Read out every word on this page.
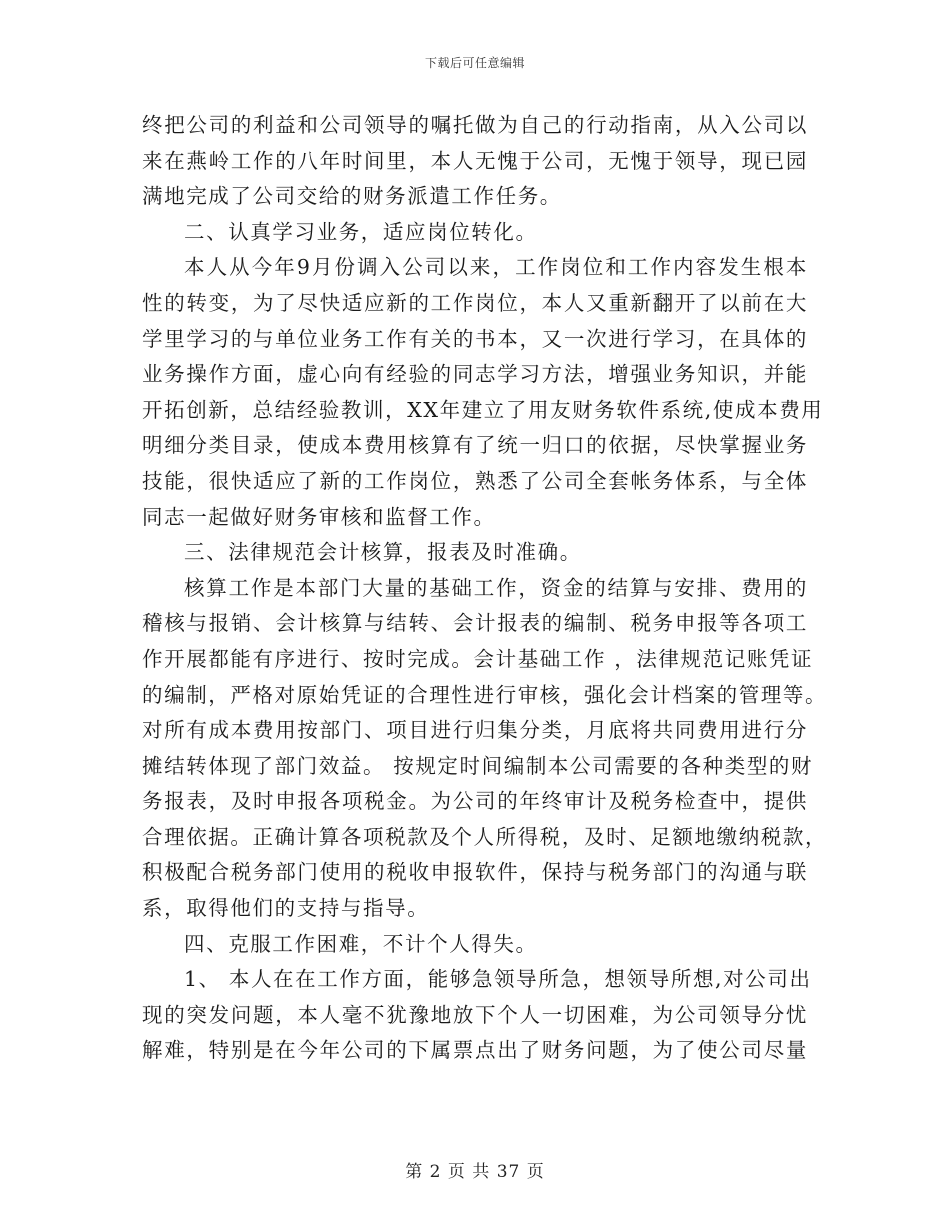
下载后可任意编辑
终把公司的利益和公司领导的嘱托做为自己的行动指南，从入公司以
来在燕岭工作的八年时间里，本人无愧于公司，无愧于领导，现已园
满地完成了公司交给的财务派遣工作任务。
二、认真学习业务，适应岗位转化。
本人从今年9月份调入公司以来，工作岗位和工作内容发生根本
性的转变，为了尽快适应新的工作岗位，本人又重新翻开了以前在大
学里学习的与单位业务工作有关的书本，又一次进行学习，在具体的
业务操作方面，虚心向有经验的同志学习方法，增强业务知识，并能
开拓创新，总结经验教训，XX年建立了用友财务软件系统,使成本费用
明细分类目录，使成本费用核算有了统一归口的依据，尽快掌握业务
技能，很快适应了新的工作岗位，熟悉了公司全套帐务体系，与全体
同志一起做好财务审核和监督工作。
三、法律规范会计核算，报表及时准确。
核算工作是本部门大量的基础工作，资金的结算与安排、费用的
稽核与报销、会计核算与结转、会计报表的编制、税务申报等各项工
作开展都能有序进行、按时完成。会计基础工作 ，法律规范记账凭证
的编制，严格对原始凭证的合理性进行审核，强化会计档案的管理等。
对所有成本费用按部门、项目进行归集分类，月底将共同费用进行分
摊结转体现了部门效益。 按规定时间编制本公司需要的各种类型的财
务报表，及时申报各项税金。为公司的年终审计及税务检查中，提供
合理依据。正确计算各项税款及个人所得税，及时、足额地缴纳税款，
积极配合税务部门使用的税收申报软件，保持与税务部门的沟通与联
系，取得他们的支持与指导。
四、克服工作困难，不计个人得失。
1、 本人在在工作方面，能够急领导所急，想领导所想,对公司出
现的突发问题，本人毫不犹豫地放下个人一切困难，为公司领导分忧
解难，特别是在今年公司的下属票点出了财务问题，为了使公司尽量
第 2 页 共 37 页
